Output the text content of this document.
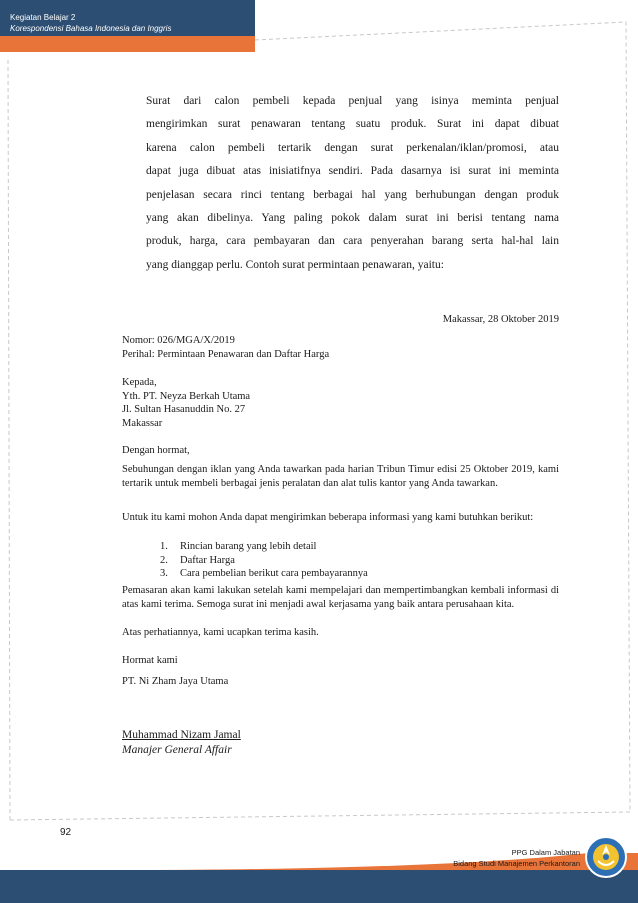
Kegiatan Belajar 2
Korespondensi Bahasa Indonesia dan Inggris
Surat dari calon pembeli kepada penjual yang isinya meminta penjual
mengirimkan surat penawaran tentang suatu produk. Surat ini dapat dibuat
karena calon pembeli tertarik dengan surat perkenalan/iklan/promosi, atau
dapat juga dibuat atas inisiatifnya sendiri. Pada dasarnya isi surat ini meminta
penjelasan secara rinci tentang berbagai hal yang berhubungan dengan produk
yang akan dibelinya. Yang paling pokok dalam surat ini berisi tentang nama
produk, harga, cara pembayaran dan cara penyerahan barang serta hal-hal lain
yang dianggap perlu. Contoh surat permintaan penawaran, yaitu:
Makassar, 28 Oktober 2019
Nomor: 026/MGA/X/2019
Perihal: Permintaan Penawaran dan Daftar Harga
Kepada,
Yth. PT. Neyza Berkah Utama
Jl. Sultan Hasanuddin No. 27
Makassar
Dengan hormat,
Sebuhungan dengan iklan yang Anda tawarkan pada harian Tribun Timur edisi 25 Oktober 2019, kami tertarik untuk membeli berbagai jenis peralatan dan alat tulis kantor yang Anda tawarkan.
Untuk itu kami mohon Anda dapat mengirimkan beberapa informasi yang kami butuhkan berikut:
1. Rincian barang yang lebih detail
2. Daftar Harga
3. Cara pembelian berikut cara pembayarannya
Pemasaran akan kami lakukan setelah kami mempelajari dan mempertimbangkan kembali informasi di atas kami terima. Semoga surat ini menjadi awal kerjasama yang baik antara perusahaan kita.
Atas perhatiannya, kami ucapkan terima kasih.
Hormat kami
PT. Ni Zham Jaya Utama
Muhammad Nizam Jamal
Manajer General Affair
92
PPG Dalam Jabatan
Bidang Studi Manajemen Perkantoran
